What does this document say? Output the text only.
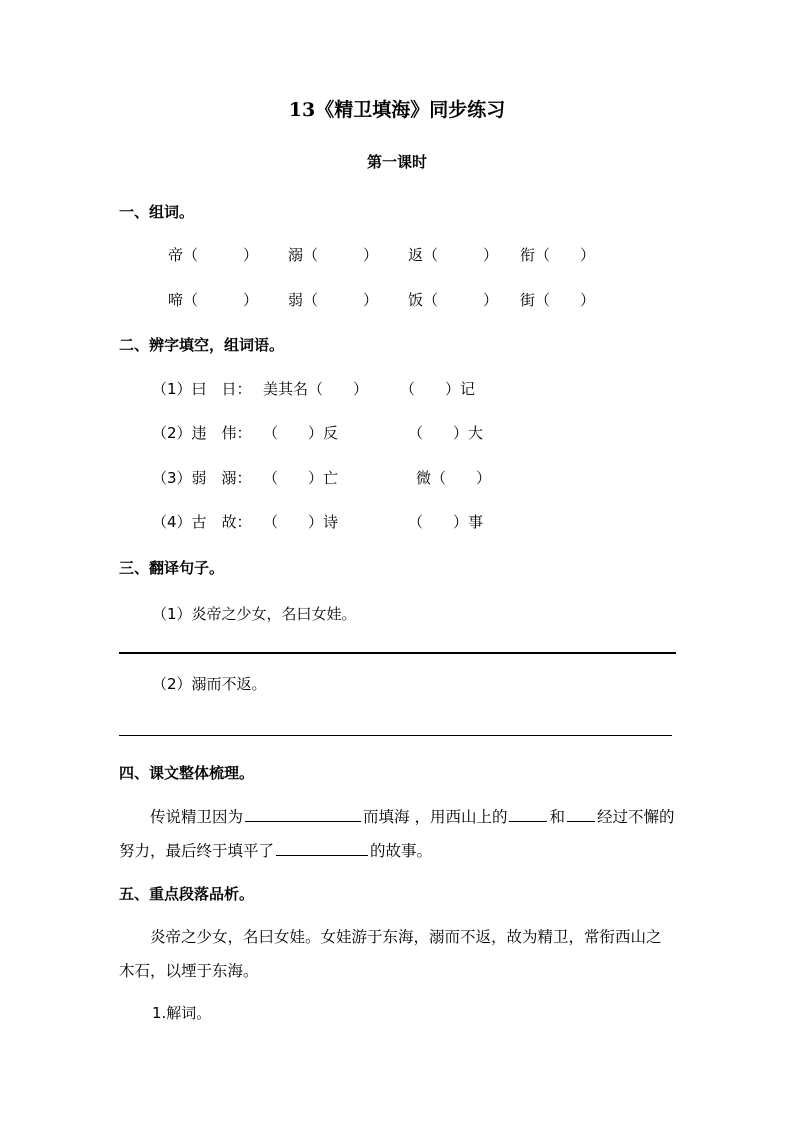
13《精卫填海》同步练习
第一课时
一、组词。
帝（　　　） 溺（　　　） 返（　　　） 衔（　　）
啼（　　　） 弱（　　　） 饭（　　　） 街（　　）
二、辨字填空，组词语。
（1）曰　日： 美其名（　　） （　　）记
（2）违　伟： （　　）反	（　　）大
（3）弱　溺： （　　）亡	微（　　）
（4）古　故： （　　）诗	（　　）事
三、翻译句子。
（1）炎帝之少女，名曰女娃。
（2）溺而不返。
四、课文整体梳理。
传说精卫因为	而填海 ，用西山上的	和 经过不懈的努力，最后终于填平了	的故事。
五、重点段落品析。
炎帝之少女，名曰女娃。女娃游于东海，溺而不返，故为精卫，常衔西山之木石，以堙于东海。
1.解词。
